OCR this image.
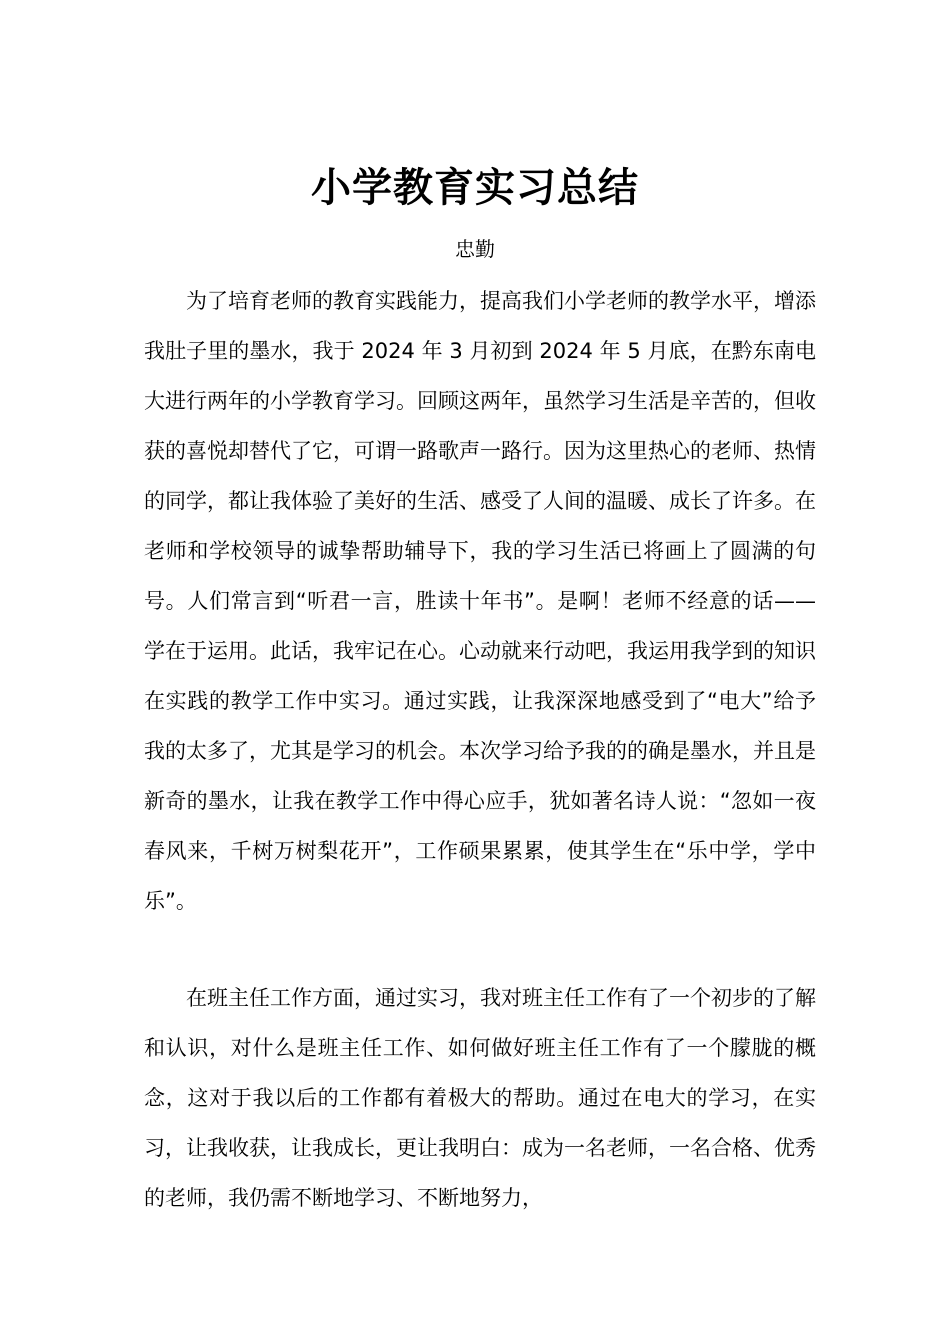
小学教育实习总结
忠勤

为了培育老师的教育实践能力，提高我们小学老师的教学水平，增添我肚子里的墨水，我于 2024 年 3 月初到 2024 年 5 月底，在黔东南电大进行两年的小学教育学习。回顾这两年，虽然学习生活是辛苦的，但收获的喜悦却替代了它，可谓一路歌声一路行。因为这里热心的老师、热情的同学，都让我体验了美好的生活、感受了人间的温暖、成长了许多。在老师和学校领导的诚挚帮助辅导下，我的学习生活已将画上了圆满的句号。人们常言到“听君一言，胜读十年书”。是啊！老师不经意的话——学在于运用。此话，我牢记在心。心动就来行动吧，我运用我学到的知识在实践的教学工作中实习。通过实践，让我深深地感受到了“电大”给予我的太多了，尤其是学习的机会。本次学习给予我的的确是墨水，并且是新奇的墨水，让我在教学工作中得心应手，犹如著名诗人说：“忽如一夜春风来，千树万树梨花开”，工作硕果累累，使其学生在“乐中学，学中乐”。

在班主任工作方面，通过实习，我对班主任工作有了一个初步的了解和认识，对什么是班主任工作、如何做好班主任工作有了一个朦胧的概念，这对于我以后的工作都有着极大的帮助。通过在电大的学习，在实习，让我收获，让我成长，更让我明白：成为一名老师，一名合格、优秀的老师，我仍需不断地学习、不断地努力，
